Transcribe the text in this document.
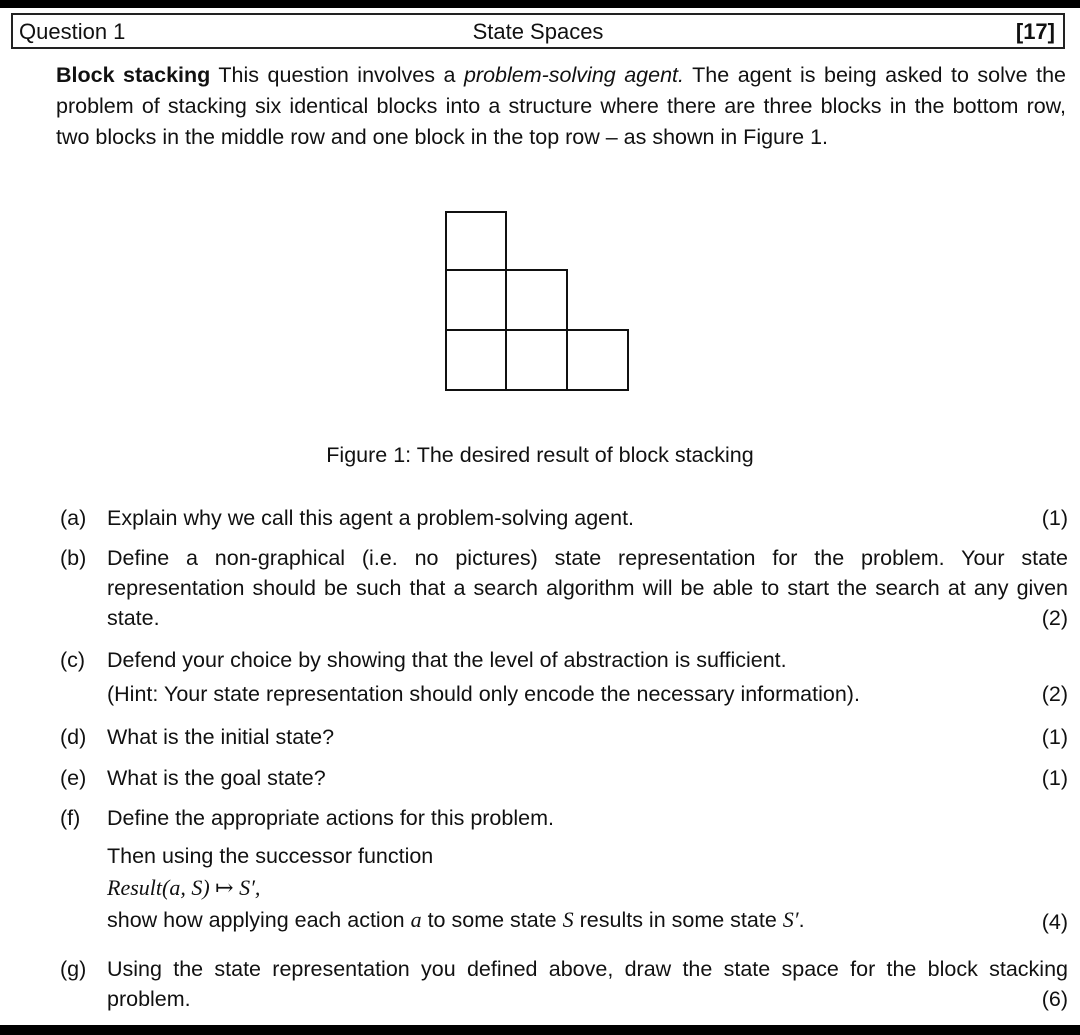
Question 1	State Spaces	[17]
Block stacking This question involves a problem-solving agent. The agent is being asked to solve the problem of stacking six identical blocks into a structure where there are three blocks in the bottom row, two blocks in the middle row and one block in the top row – as shown in Figure 1.
Figure 1: The desired result of block stacking
(a) Explain why we call this agent a problem-solving agent.	(1)
(b) Define a non-graphical (i.e. no pictures) state representation for the problem. Your state representation should be such that a search algorithm will be able to start the search at any given state.	(2)
(c)	Defend your choice by showing that the level of abstraction is sufficient.
(Hint: Your state representation should only encode the necessary information).	(2)
(d) What is the initial state?	(1)
(e) What is the goal state?	(1)
(f)	Define the appropriate actions for this problem.
Then using the successor function
Result(a, S) ↦ S′,
show how applying each action a to some state S results in some state S′.	(4)
(g) Using the state representation you defined above, draw the state space for the block stacking problem.	(6)
